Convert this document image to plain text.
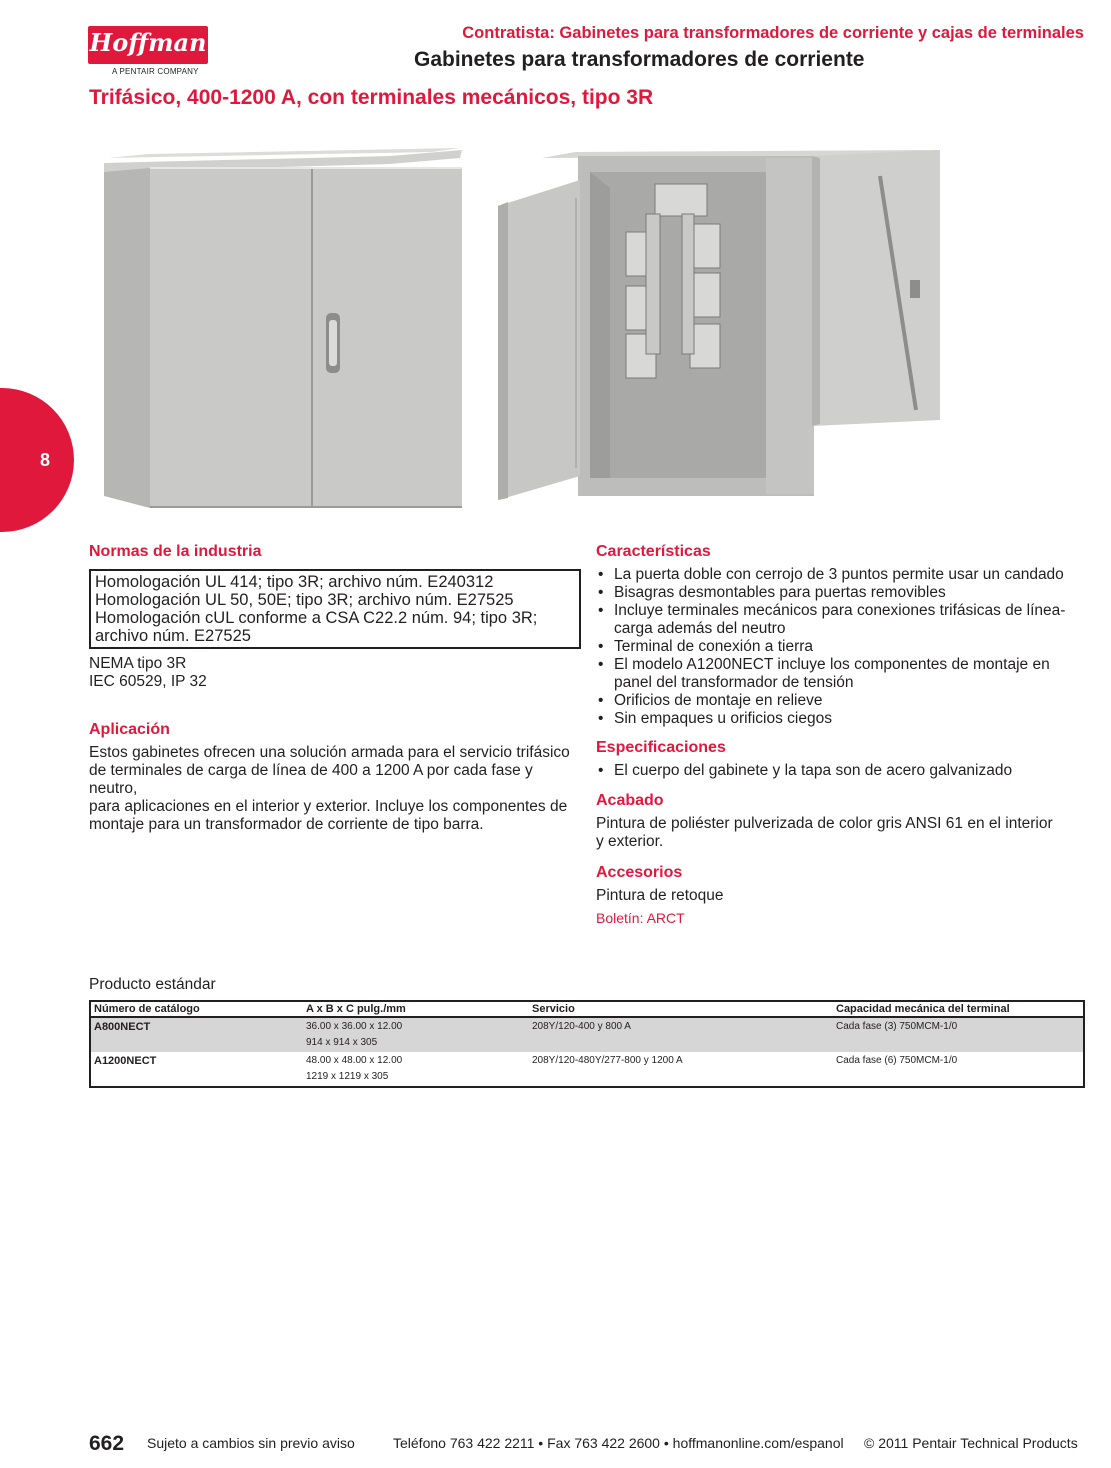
Hoffman
A PENTAIR COMPANY
Contratista: Gabinetes para transformadores de corriente y cajas de terminales
Gabinetes para transformadores de corriente
Trifásico, 400-1200 A, con terminales mecánicos, tipo 3R
8
Normas de la industria
Homologación UL 414; tipo 3R; archivo núm. E240312
Homologación UL 50, 50E; tipo 3R; archivo núm. E27525
Homologación cUL conforme a CSA C22.2 núm. 94; tipo 3R;
archivo núm. E27525
NEMA tipo 3R
IEC 60529, IP 32
Aplicación
Estos gabinetes ofrecen una solución armada para el servicio trifásico
de terminales de carga de línea de 400 a 1200 A por cada fase y neutro,
para aplicaciones en el interior y exterior. Incluye los componentes de
montaje para un transformador de corriente de tipo barra.
Características
• La puerta doble con cerrojo de 3 puntos permite usar un candado
• Bisagras desmontables para puertas removibles
• Incluye terminales mecánicos para conexiones trifásicas de línea-carga además del neutro
• Terminal de conexión a tierra
• El modelo A1200NECT incluye los componentes de montaje en panel del transformador de tensión
• Orificios de montaje en relieve
• Sin empaques u orificios ciegos
Especificaciones
• El cuerpo del gabinete y la tapa son de acero galvanizado
Acabado
Pintura de poliéster pulverizada de color gris ANSI 61 en el interior
y exterior.
Accesorios
Pintura de retoque
Boletín: ARCT
Producto estándar
Número de catálogo	A x B x C pulg./mm	Servicio	Capacidad mecánica del terminal
A800NECT	36.00 x 36.00 x 12.00
914 x 914 x 305	208Y/120-400 y 800 A	Cada fase (3) 750MCM-1/0
A1200NECT	48.00 x 48.00 x 12.00
1219 x 1219 x 305	208Y/120-480Y/277-800 y 1200 A	Cada fase (6) 750MCM-1/0
662 Sujeto a cambios sin previo aviso	Teléfono 763 422 2211 • Fax 763 422 2600 • hoffmanonline.com/espanol © 2011 Pentair Technical Products
